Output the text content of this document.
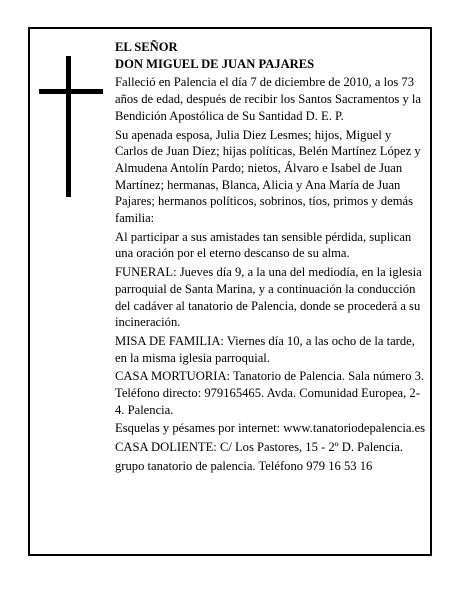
EL SEÑOR

DON MIGUEL DE JUAN PAJARES

Falleció en Palencia el día 7 de diciembre de 2010, a los 73 años de edad, después de recibir los Santos Sacramentos y la Bendición Apostólica de Su Santidad D. E. P.

Su apenada esposa, Julia Diez Lesmes; hijos, Miguel y Carlos de Juan Diez; hijas políticas, Belén Martínez López y Almudena Antolín Pardo; nietos, Álvaro e Isabel de Juan Martínez; hermanas, Blanca, Alicia y Ana María de Juan Pajares; hermanos políticos, sobrinos, tíos, primos y demás familia:

Al participar a sus amistades tan sensible pérdida, suplican una oración por el eterno descanso de su alma.

FUNERAL: Jueves día 9, a la una del mediodía, en la iglesia parroquial de Santa Marina, y a continuación la conducción del cadáver al tanatorio de Palencia, donde se procederá a su incineración.

MISA DE FAMILIA: Viernes día 10, a las ocho de la tarde, en la misma iglesia parroquial.

CASA MORTUORIA: Tanatorio de Palencia. Sala número 3. Teléfono directo: 979165465. Avda. Comunidad Europea, 2-4. Palencia.

Esquelas y pésames por internet: www.tanatoriodepalencia.es

CASA DOLIENTE: C/ Los Pastores, 15 - 2º D. Palencia.

grupo tanatorio de palencia. Teléfono 979 16 53 16
